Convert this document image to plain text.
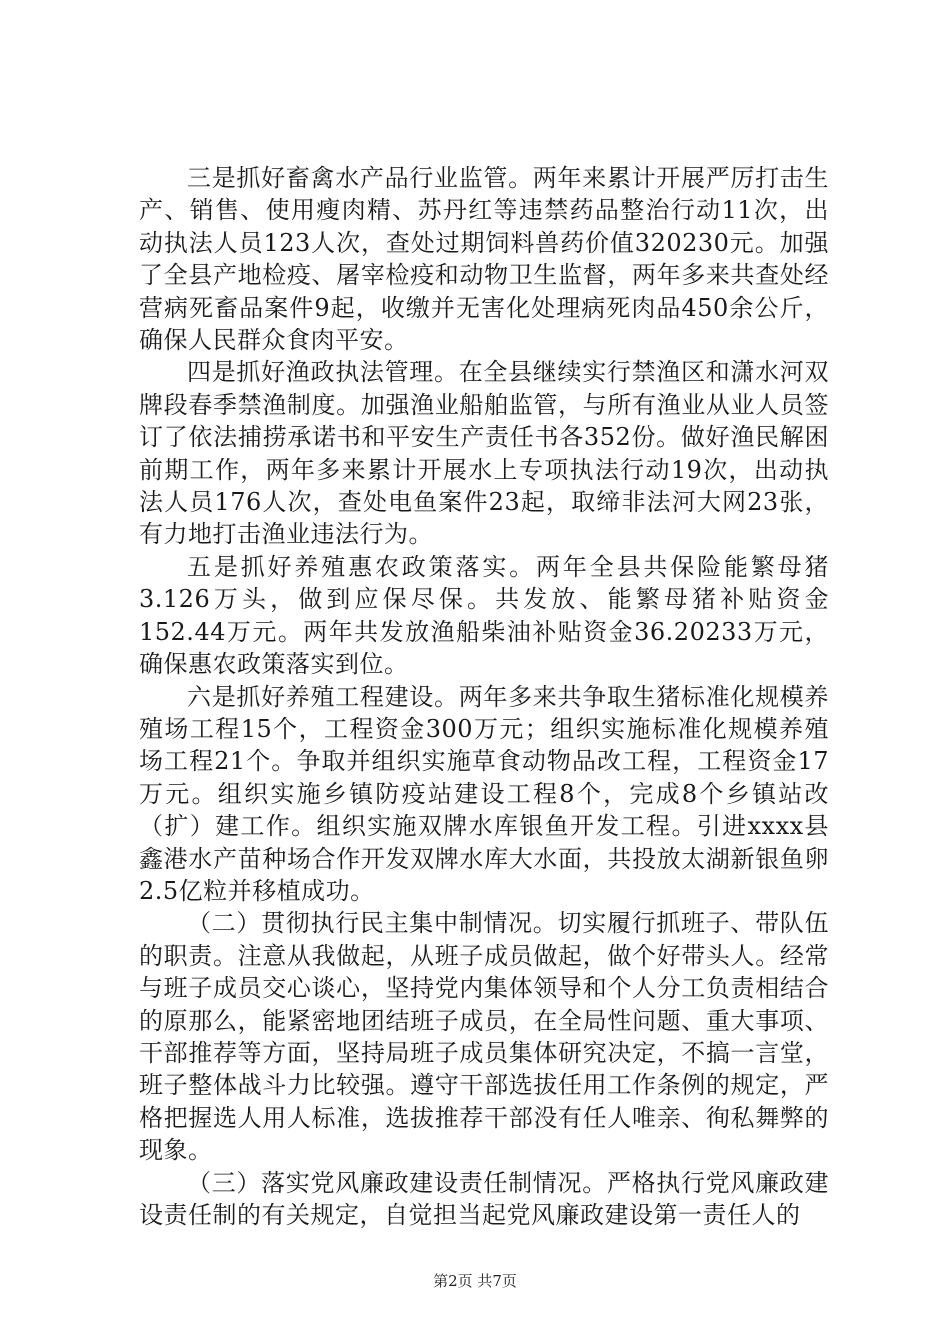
三是抓好畜禽水产品行业监管。两年来累计开展严厉打击生产、销售、使用瘦肉精、苏丹红等违禁药品整治行动11次，出动执法人员123人次，查处过期饲料兽药价值320230元。加强了全县产地检疫、屠宰检疫和动物卫生监督，两年多来共查处经营病死畜品案件9起，收缴并无害化处理病死肉品450余公斤，确保人民群众食肉平安。

四是抓好渔政执法管理。在全县继续实行禁渔区和潇水河双牌段春季禁渔制度。加强渔业船舶监管，与所有渔业从业人员签订了依法捕捞承诺书和平安生产责任书各352份。做好渔民解困前期工作，两年多来累计开展水上专项执法行动19次，出动执法人员176人次，查处电鱼案件23起，取缔非法河大网23张，有力地打击渔业违法行为。

五是抓好养殖惠农政策落实。两年全县共保险能繁母猪3.126万头，做到应保尽保。共发放、能繁母猪补贴资金152.44万元。两年共发放渔船柴油补贴资金36.20233万元，确保惠农政策落实到位。

六是抓好养殖工程建设。两年多来共争取生猪标准化规模养殖场工程15个，工程资金300万元；组织实施标准化规模养殖场工程21个。争取并组织实施草食动物品改工程，工程资金17万元。组织实施乡镇防疫站建设工程8个，完成8个乡镇站改（扩）建工作。组织实施双牌水库银鱼开发工程。引进xxxx县鑫港水产苗种场合作开发双牌水库大水面，共投放太湖新银鱼卵2.5亿粒并移植成功。

（二）贯彻执行民主集中制情况。切实履行抓班子、带队伍的职责。注意从我做起，从班子成员做起，做个好带头人。经常与班子成员交心谈心，坚持党内集体领导和个人分工负责相结合的原那么，能紧密地团结班子成员，在全局性问题、重大事项、干部推荐等方面，坚持局班子成员集体研究决定，不搞一言堂，班子整体战斗力比较强。遵守干部选拔任用工作条例的规定，严格把握选人用人标准，选拔推荐干部没有任人唯亲、徇私舞弊的现象。

（三）落实党风廉政建设责任制情况。严格执行党风廉政建设责任制的有关规定，自觉担当起党风廉政建设第一责任人的

第2页 共7页
